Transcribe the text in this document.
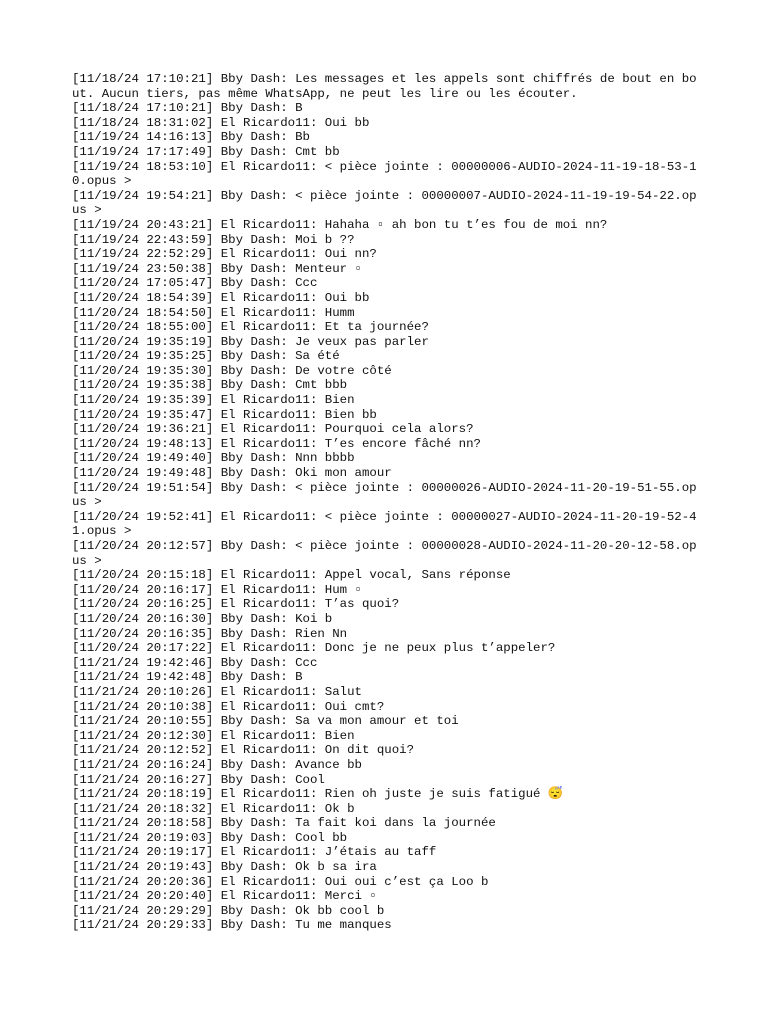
[11/18/24 17:10:21] Bby Dash: Les messages et les appels sont chiffrés de bout en bout. Aucun tiers, pas même WhatsApp, ne peut les lire ou les écouter.
[11/18/24 17:10:21] Bby Dash: B
[11/18/24 18:31:02] El Ricardo11: Oui bb
[11/19/24 14:16:13] Bby Dash: Bb
[11/19/24 17:17:49] Bby Dash: Cmt bb
[11/19/24 18:53:10] El Ricardo11: < pièce jointe : 00000006-AUDIO-2024-11-19-18-53-10.opus >
[11/19/24 19:54:21] Bby Dash: < pièce jointe : 00000007-AUDIO-2024-11-19-19-54-22.opus >
[11/19/24 20:43:21] El Ricardo11: Hahaha ▫ ah bon tu t’es fou de moi nn?
[11/19/24 22:43:59] Bby Dash: Moi b ??
[11/19/24 22:52:29] El Ricardo11: Oui nn?
[11/19/24 23:50:38] Bby Dash: Menteur ▫
[11/20/24 17:05:47] Bby Dash: Ccc
[11/20/24 18:54:39] El Ricardo11: Oui bb
[11/20/24 18:54:50] El Ricardo11: Humm
[11/20/24 18:55:00] El Ricardo11: Et ta journée?
[11/20/24 19:35:19] Bby Dash: Je veux pas parler
[11/20/24 19:35:25] Bby Dash: Sa été
[11/20/24 19:35:30] Bby Dash: De votre côté
[11/20/24 19:35:38] Bby Dash: Cmt bbb
[11/20/24 19:35:39] El Ricardo11: Bien
[11/20/24 19:35:47] El Ricardo11: Bien bb
[11/20/24 19:36:21] El Ricardo11: Pourquoi cela alors?
[11/20/24 19:48:13] El Ricardo11: T’es encore fâché nn?
[11/20/24 19:49:40] Bby Dash: Nnn bbbb
[11/20/24 19:49:48] Bby Dash: Oki mon amour
[11/20/24 19:51:54] Bby Dash: < pièce jointe : 00000026-AUDIO-2024-11-20-19-51-55.opus >
[11/20/24 19:52:41] El Ricardo11: < pièce jointe : 00000027-AUDIO-2024-11-20-19-52-41.opus >
[11/20/24 20:12:57] Bby Dash: < pièce jointe : 00000028-AUDIO-2024-11-20-20-12-58.opus >
[11/20/24 20:15:18] El Ricardo11: Appel vocal, Sans réponse
[11/20/24 20:16:17] El Ricardo11: Hum ▫
[11/20/24 20:16:25] El Ricardo11: T’as quoi?
[11/20/24 20:16:30] Bby Dash: Koi b
[11/20/24 20:16:35] Bby Dash: Rien Nn
[11/20/24 20:17:22] El Ricardo11: Donc je ne peux plus t’appeler?
[11/21/24 19:42:46] Bby Dash: Ccc
[11/21/24 19:42:48] Bby Dash: B
[11/21/24 20:10:26] El Ricardo11: Salut
[11/21/24 20:10:38] El Ricardo11: Oui cmt?
[11/21/24 20:10:55] Bby Dash: Sa va mon amour et toi
[11/21/24 20:12:30] El Ricardo11: Bien
[11/21/24 20:12:52] El Ricardo11: On dit quoi?
[11/21/24 20:16:24] Bby Dash: Avance bb
[11/21/24 20:16:27] Bby Dash: Cool
[11/21/24 20:18:19] El Ricardo11: Rien oh juste je suis fatigué 😴
[11/21/24 20:18:32] El Ricardo11: Ok b
[11/21/24 20:18:58] Bby Dash: Ta fait koi dans la journée
[11/21/24 20:19:03] Bby Dash: Cool bb
[11/21/24 20:19:17] El Ricardo11: J’étais au taff
[11/21/24 20:19:43] Bby Dash: Ok b sa ira
[11/21/24 20:20:36] El Ricardo11: Oui oui c’est ça Loo b
[11/21/24 20:20:40] El Ricardo11: Merci ▫
[11/21/24 20:29:29] Bby Dash: Ok bb cool b
[11/21/24 20:29:33] Bby Dash: Tu me manques
